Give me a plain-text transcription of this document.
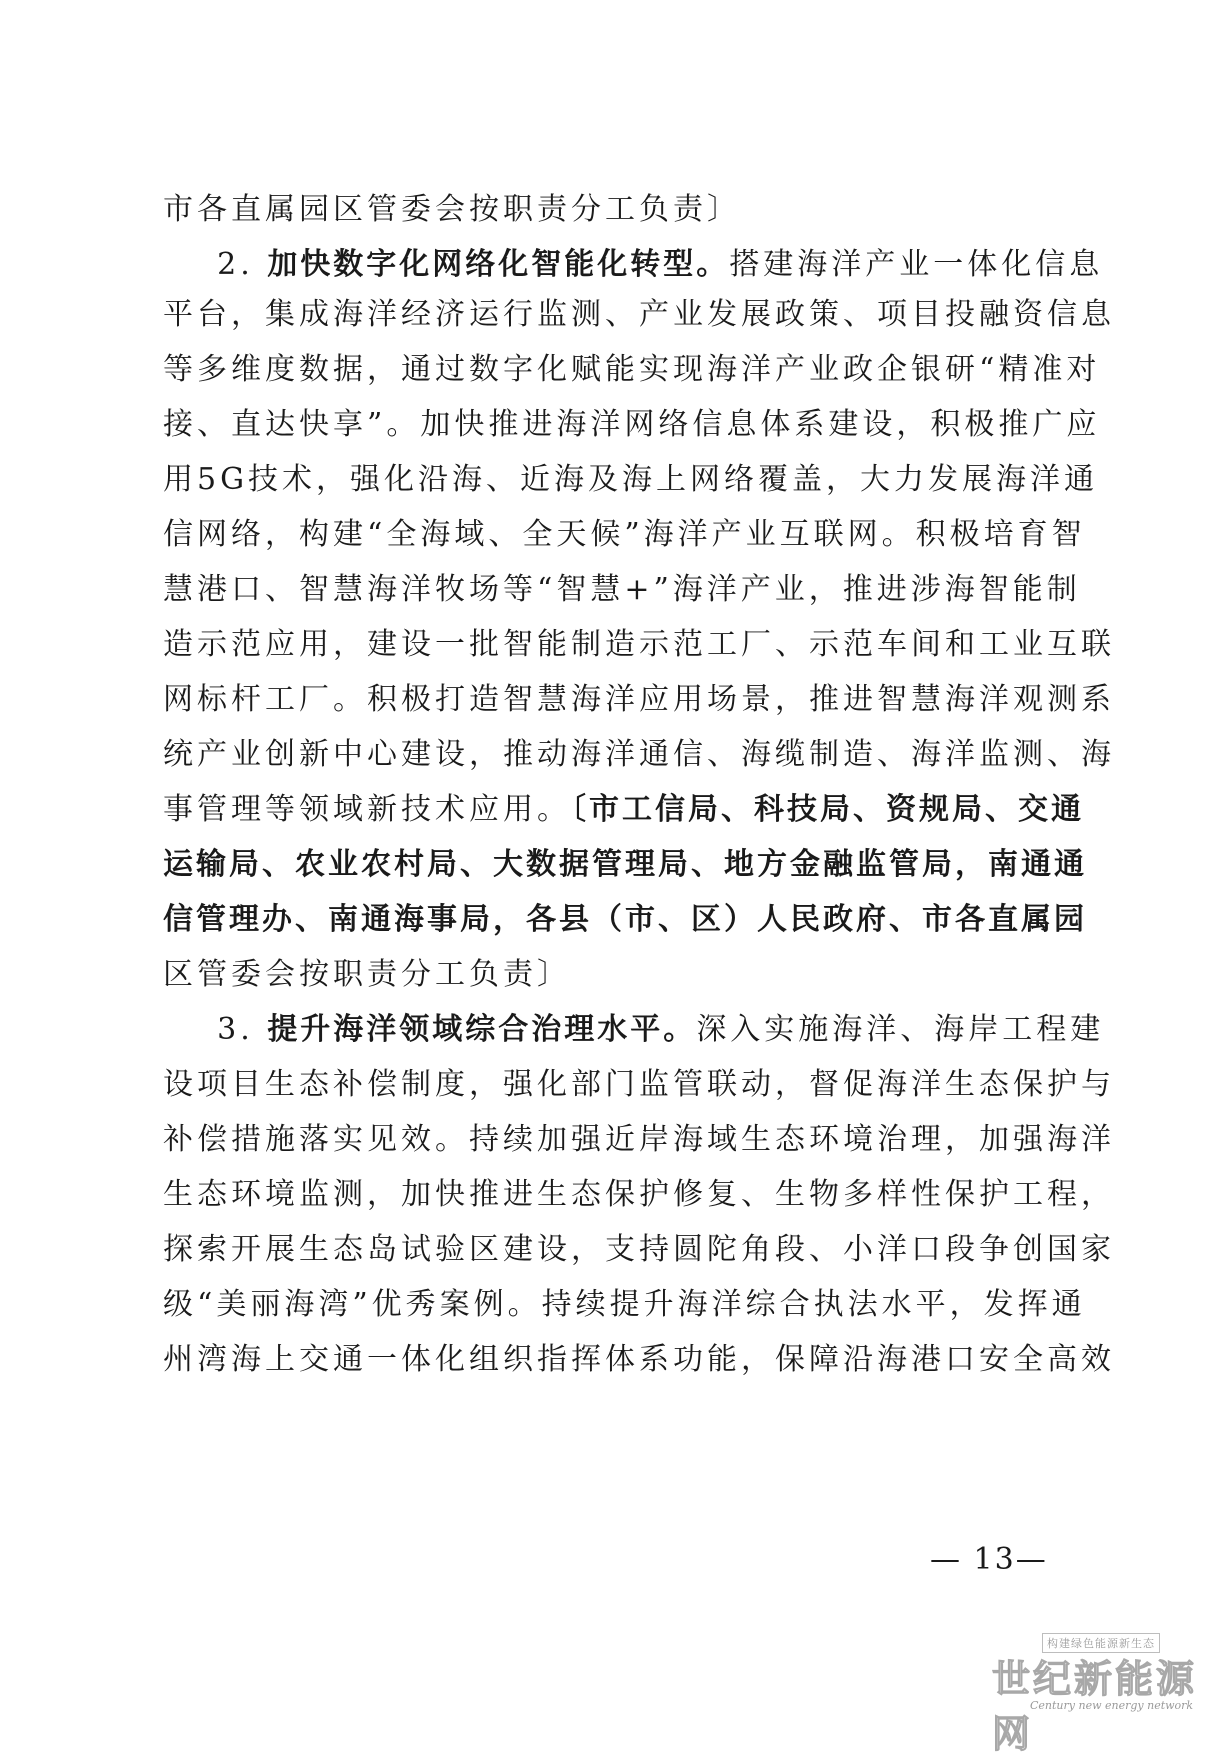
市各直属园区管委会按职责分工负责〕
2. 加快数字化网络化智能化转型。搭建海洋产业一体化信息
平台，集成海洋经济运行监测、产业发展政策、项目投融资信息
等多维度数据，通过数字化赋能实现海洋产业政企银研“精准对
接、直达快享”。加快推进海洋网络信息体系建设，积极推广应
用5G技术，强化沿海、近海及海上网络覆盖，大力发展海洋通
信网络，构建“全海域、全天候”海洋产业互联网。积极培育智
慧港口、智慧海洋牧场等“智慧+”海洋产业，推进涉海智能制
造示范应用，建设一批智能制造示范工厂、示范车间和工业互联
网标杆工厂。积极打造智慧海洋应用场景，推进智慧海洋观测系
统产业创新中心建设，推动海洋通信、海缆制造、海洋监测、海
事管理等领域新技术应用。〔市工信局、科技局、资规局、交通
运输局、农业农村局、大数据管理局、地方金融监管局，南通通
信管理办、南通海事局，各县（市、区）人民政府、市各直属园
区管委会按职责分工负责〕
3. 提升海洋领域综合治理水平。深入实施海洋、海岸工程建
设项目生态补偿制度，强化部门监管联动，督促海洋生态保护与
补偿措施落实见效。持续加强近岸海域生态环境治理，加强海洋
生态环境监测，加快推进生态保护修复、生物多样性保护工程，
探索开展生态岛试验区建设，支持圆陀角段、小洋口段争创国家
级“美丽海湾”优秀案例。持续提升海洋综合执法水平，发挥通
州湾海上交通一体化组织指挥体系功能，保障沿海港口安全高效
— 13—
构建绿色能源新生态
世纪新能源网
Century new energy network
